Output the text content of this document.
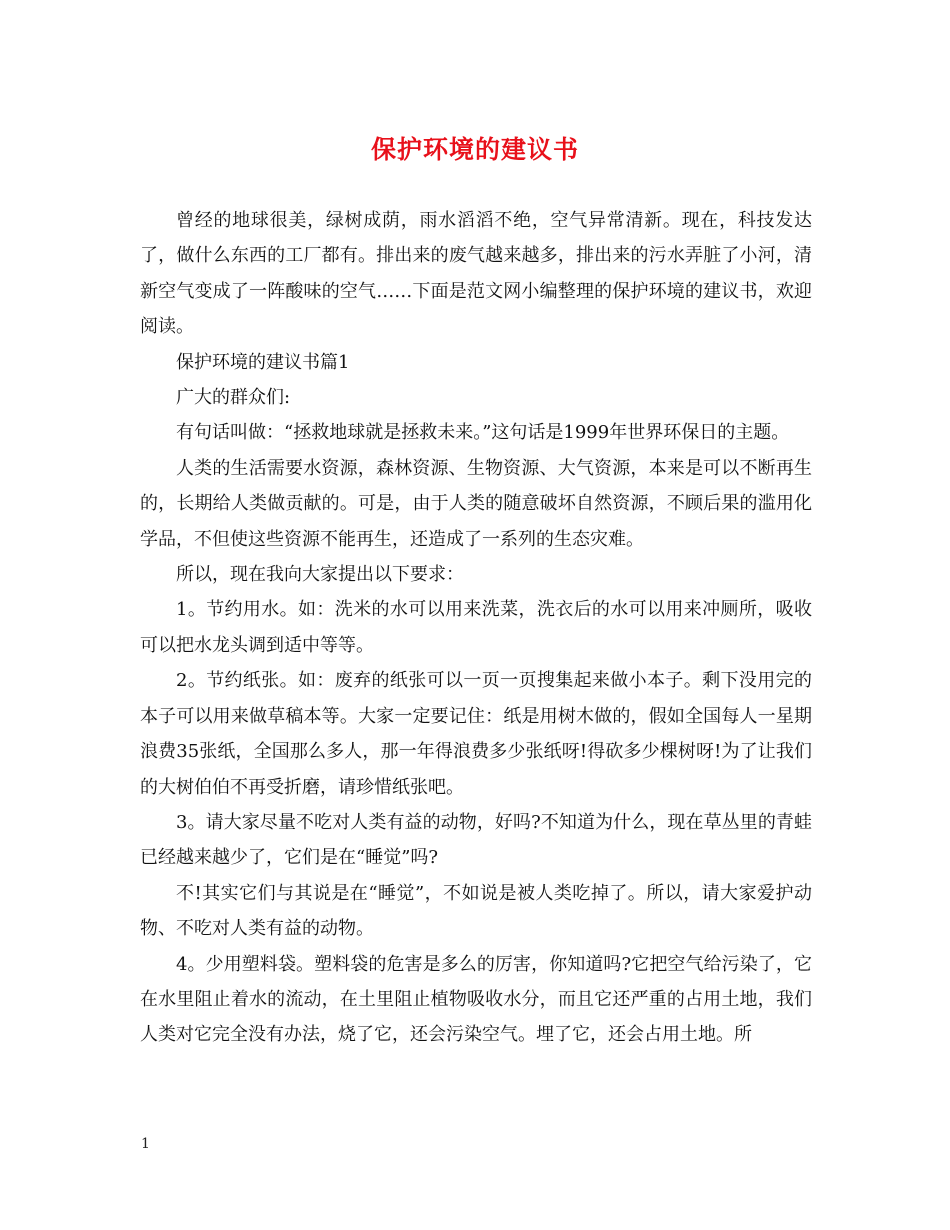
保护环境的建议书

曾经的地球很美，绿树成荫，雨水滔滔不绝，空气异常清新。现在，科技发达了，做什么东西的工厂都有。排出来的废气越来越多，排出来的污水弄脏了小河，清新空气变成了一阵酸味的空气……下面是范文网小编整理的保护环境的建议书，欢迎阅读。

保护环境的建议书篇1

广大的群众们:

有句话叫做：“拯救地球就是拯救未来。”这句话是1999年世界环保日的主题。

人类的生活需要水资源，森林资源、生物资源、大气资源，本来是可以不断再生的，长期给人类做贡献的。可是，由于人类的随意破坏自然资源，不顾后果的滥用化学品，不但使这些资源不能再生，还造成了一系列的生态灾难。

所以，现在我向大家提出以下要求：

1。节约用水。如：洗米的水可以用来洗菜，洗衣后的水可以用来冲厕所，吸收可以把水龙头调到适中等等。

2。节约纸张。如：废弃的纸张可以一页一页搜集起来做小本子。剩下没用完的本子可以用来做草稿本等。大家一定要记住：纸是用树木做的，假如全国每人一星期浪费35张纸，全国那么多人，那一年得浪费多少张纸呀!得砍多少棵树呀!为了让我们的大树伯伯不再受折磨，请珍惜纸张吧。

3。请大家尽量不吃对人类有益的动物，好吗?不知道为什么，现在草丛里的青蛙已经越来越少了，它们是在“睡觉”吗?

不!其实它们与其说是在“睡觉”，不如说是被人类吃掉了。所以，请大家爱护动物、不吃对人类有益的动物。

4。少用塑料袋。塑料袋的危害是多么的厉害，你知道吗?它把空气给污染了，它在水里阻止着水的流动，在土里阻止植物吸收水分，而且它还严重的占用土地，我们人类对它完全没有办法，烧了它，还会污染空气。埋了它，还会占用土地。所

1
